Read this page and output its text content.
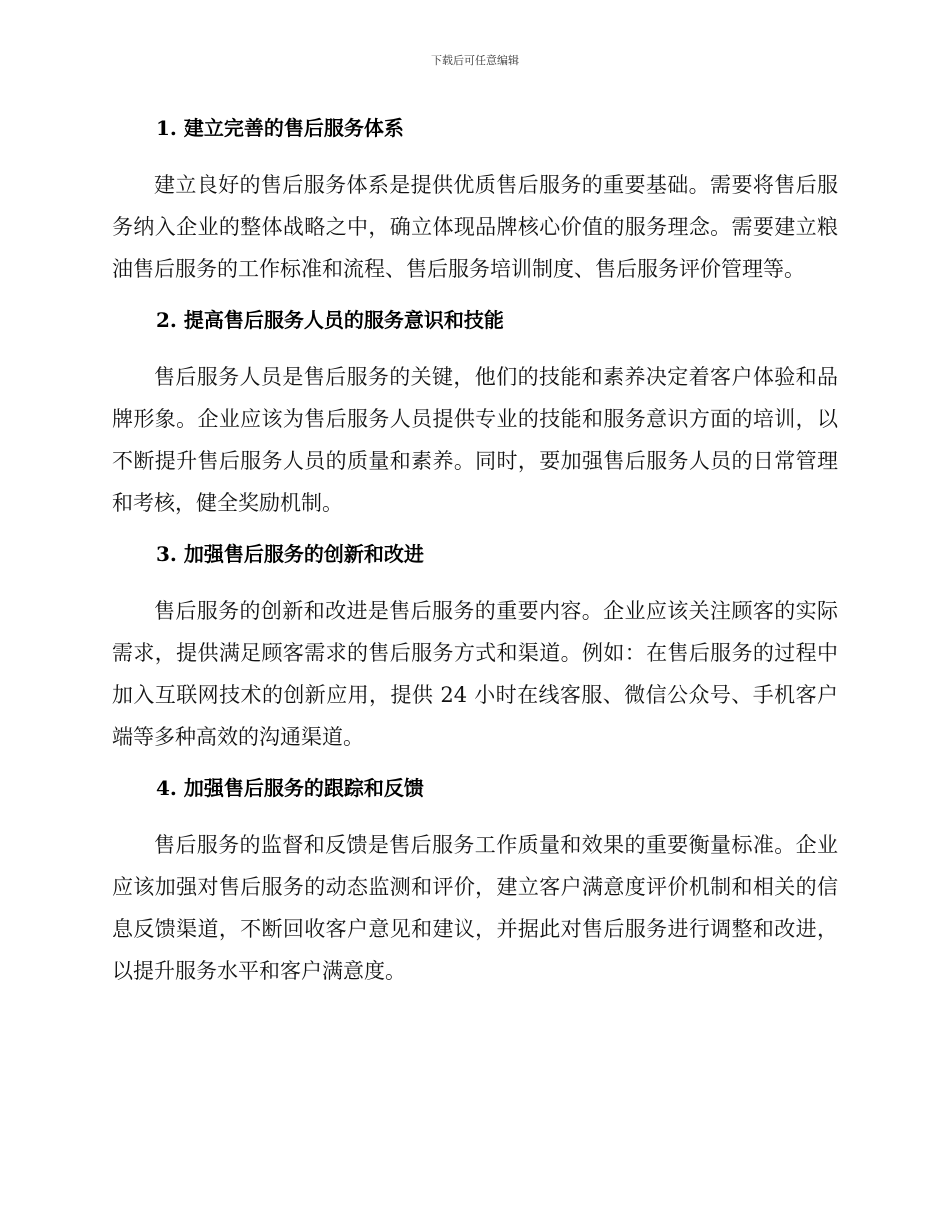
下载后可任意编辑
1. 建立完善的售后服务体系

建立良好的售后服务体系是提供优质售后服务的重要基础。需要将售后服务纳入企业的整体战略之中，确立体现品牌核心价值的服务理念。需要建立粮油售后服务的工作标准和流程、售后服务培训制度、售后服务评价管理等。

2. 提高售后服务人员的服务意识和技能

售后服务人员是售后服务的关键，他们的技能和素养决定着客户体验和品牌形象。企业应该为售后服务人员提供专业的技能和服务意识方面的培训，以不断提升售后服务人员的质量和素养。同时，要加强售后服务人员的日常管理和考核，健全奖励机制。

3. 加强售后服务的创新和改进

售后服务的创新和改进是售后服务的重要内容。企业应该关注顾客的实际需求，提供满足顾客需求的售后服务方式和渠道。例如：在售后服务的过程中加入互联网技术的创新应用，提供 24 小时在线客服、微信公众号、手机客户端等多种高效的沟通渠道。

4. 加强售后服务的跟踪和反馈

售后服务的监督和反馈是售后服务工作质量和效果的重要衡量标准。企业应该加强对售后服务的动态监测和评价，建立客户满意度评价机制和相关的信息反馈渠道，不断回收客户意见和建议，并据此对售后服务进行调整和改进，以提升服务水平和客户满意度。
